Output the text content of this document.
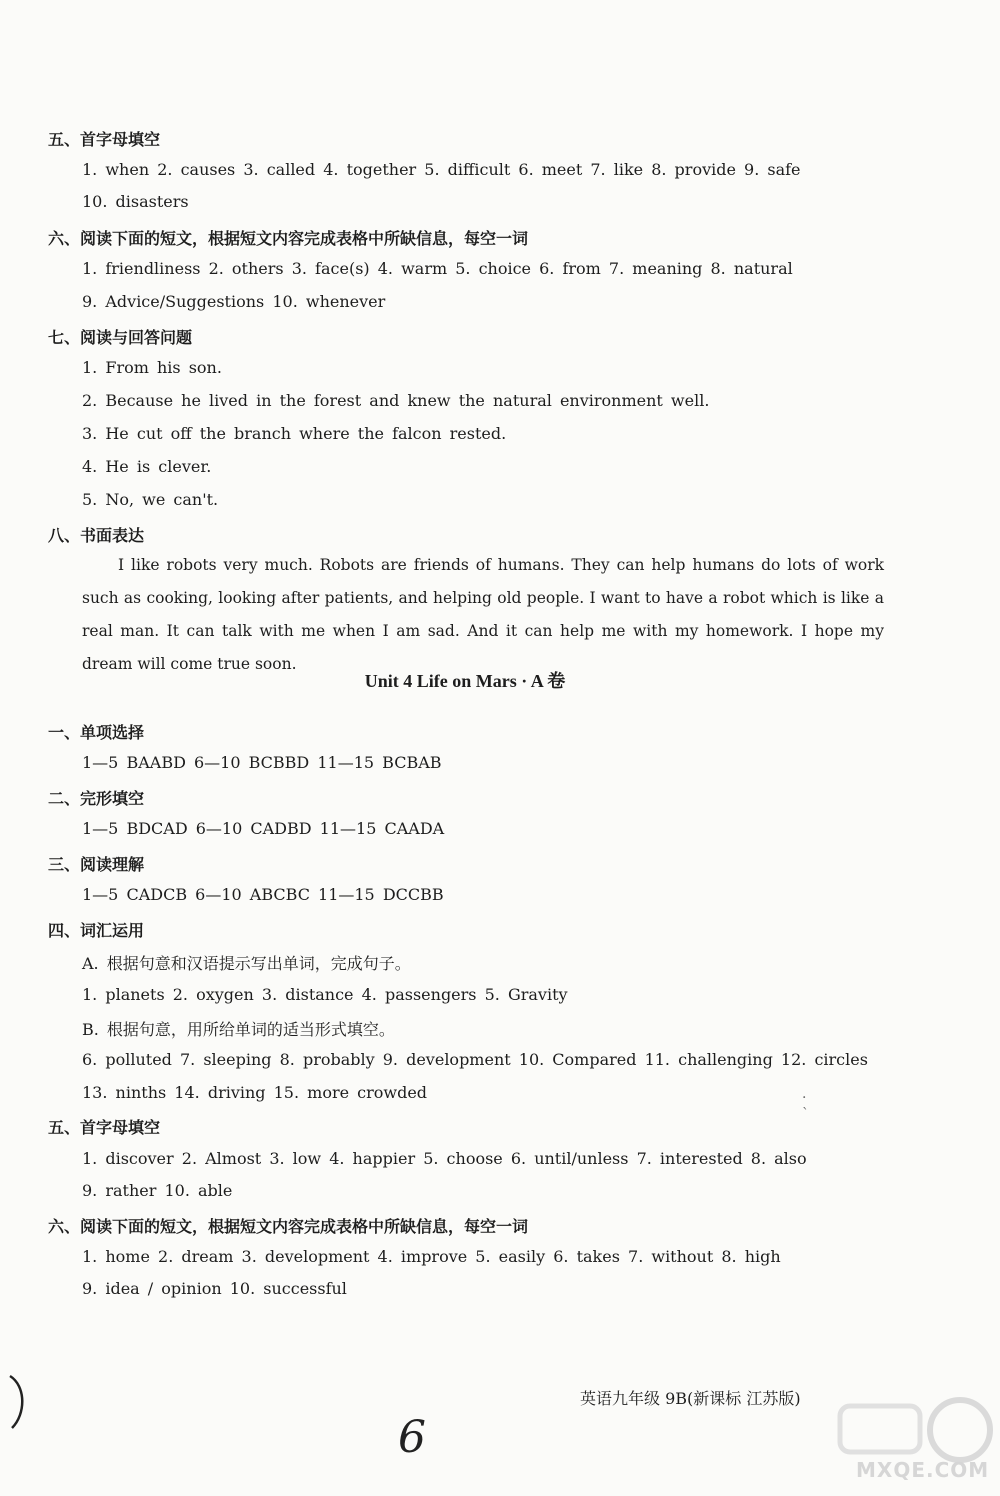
五、首字母填空
1. when 2. causes 3. called 4. together 5. difficult 6. meet 7. like 8. provide 9. safe
10. disasters
六、阅读下面的短文，根据短文内容完成表格中所缺信息，每空一词
1. friendliness 2. others 3. face(s) 4. warm 5. choice 6. from 7. meaning 8. natural
9. Advice/Suggestions 10. whenever
七、阅读与回答问题
1. From his son.
2. Because he lived in the forest and knew the natural environment well.
3. He cut off the branch where the falcon rested.
4. He is clever.
5. No, we can't.
八、书面表达
I like robots very much. Robots are friends of humans. They can help humans do lots of work such as cooking, looking after patients, and helping old people. I want to have a robot which is like a real man. It can talk with me when I am sad. And it can help me with my homework. I hope my dream will come true soon.
Unit 4 Life on Mars · A 卷
一、单项选择
1—5 BAABD 6—10 BCBBD 11—15 BCBAB
二、完形填空
1—5 BDCAD 6—10 CADBD 11—15 CAADA
三、阅读理解
1—5 CADCB 6—10 ABCBC 11—15 DCCBB
四、词汇运用
A. 根据句意和汉语提示写出单词，完成句子。
1. planets 2. oxygen 3. distance 4. passengers 5. Gravity
B. 根据句意，用所给单词的适当形式填空。
6. polluted 7. sleeping 8. probably 9. development 10. Compared 11. challenging 12. circles
13. ninths 14. driving 15. more crowded
五、首字母填空
1. discover 2. Almost 3. low 4. happier 5. choose 6. until/unless 7. interested 8. also
9. rather 10. able
六、阅读下面的短文，根据短文内容完成表格中所缺信息，每空一词
1. home 2. dream 3. development 4. improve 5. easily 6. takes 7. without 8. high
9. idea / opinion 10. successful
·
`
英语九年级 9B(新课标 江苏版)
6
MXQE.COM
